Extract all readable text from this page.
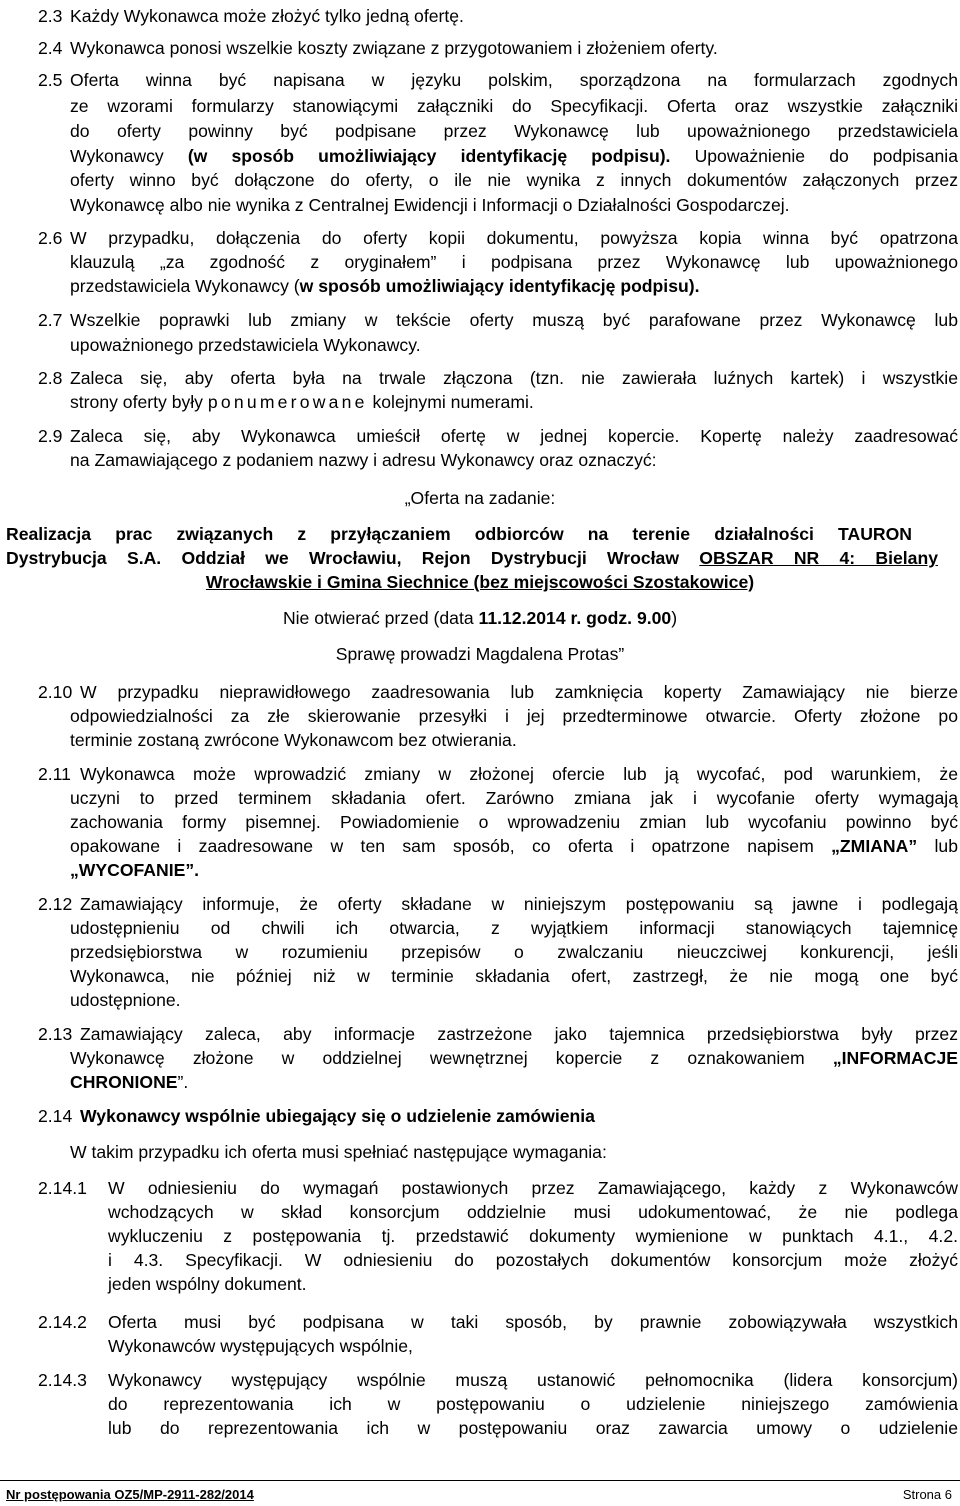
2.3 Każdy Wykonawca może złożyć tylko jedną ofertę.
2.4 Wykonawca ponosi wszelkie koszty związane z przygotowaniem i złożeniem oferty.
2.5 Oferta winna być napisana w języku polskim, sporządzona na formularzach zgodnych
ze wzorami formularzy stanowiącymi załączniki do Specyfikacji. Oferta oraz wszystkie załączniki
do oferty powinny być podpisane przez Wykonawcę lub upoważnionego przedstawiciela
Wykonawcy (w sposób umożliwiający identyfikację podpisu). Upoważnienie do podpisania
oferty winno być dołączone do oferty, o ile nie wynika z innych dokumentów załączonych przez
Wykonawcę albo nie wynika z Centralnej Ewidencji i Informacji o Działalności Gospodarczej.
2.6 W przypadku, dołączenia do oferty kopii dokumentu, powyższa kopia winna być opatrzona
klauzulą „za zgodność z oryginałem” i podpisana przez Wykonawcę lub upoważnionego
przedstawiciela Wykonawcy (w sposób umożliwiający identyfikację podpisu).
2.7 Wszelkie poprawki lub zmiany w tekście oferty muszą być parafowane przez Wykonawcę lub
upoważnionego przedstawiciela Wykonawcy.
2.8 Zaleca się, aby oferta była na trwale złączona (tzn. nie zawierała luźnych kartek) i wszystkie
strony oferty były ponumerowane kolejnymi numerami.
2.9 Zaleca się, aby Wykonawca umieścił ofertę w jednej kopercie. Kopertę należy zaadresować
na Zamawiającego z podaniem nazwy i adresu Wykonawcy oraz oznaczyć:
„Oferta na zadanie:
Realizacja prac związanych z przyłączaniem odbiorców na terenie działalności TAURON
Dystrybucja S.A. Oddział we Wrocławiu, Rejon Dystrybucji Wrocław OBSZAR NR 4: Bielany
Wrocławskie i Gmina Siechnice (bez miejscowości Szostakowice)
Nie otwierać przed (data 11.12.2014 r. godz. 9.00)
Sprawę prowadzi Magdalena Protas”
2.10 W przypadku nieprawidłowego zaadresowania lub zamknięcia koperty Zamawiający nie bierze
odpowiedzialności za złe skierowanie przesyłki i jej przedterminowe otwarcie. Oferty złożone po
terminie zostaną zwrócone Wykonawcom bez otwierania.
2.11 Wykonawca może wprowadzić zmiany w złożonej ofercie lub ją wycofać, pod warunkiem, że
uczyni to przed terminem składania ofert. Zarówno zmiana jak i wycofanie oferty wymagają
zachowania formy pisemnej. Powiadomienie o wprowadzeniu zmian lub wycofaniu powinno być
opakowane i zaadresowane w ten sam sposób, co oferta i opatrzone napisem „ZMIANA” lub
„WYCOFANIE”.
2.12 Zamawiający informuje, że oferty składane w niniejszym postępowaniu są jawne i podlegają
udostępnieniu od chwili ich otwarcia, z wyjątkiem informacji stanowiących tajemnicę
przedsiębiorstwa w rozumieniu przepisów o zwalczaniu nieuczciwej konkurencji, jeśli
Wykonawca, nie później niż w terminie składania ofert, zastrzegł, że nie mogą one być
udostępnione.
2.13 Zamawiający zaleca, aby informacje zastrzeżone jako tajemnica przedsiębiorstwa były przez
Wykonawcę złożone w oddzielnej wewnętrznej kopercie z oznakowaniem „INFORMACJE
CHRONIONE”.
2.14 Wykonawcy wspólnie ubiegający się o udzielenie zamówienia
W takim przypadku ich oferta musi spełniać następujące wymagania:
2.14.1 W odniesieniu do wymagań postawionych przez Zamawiającego, każdy z Wykonawców
wchodzących w skład konsorcjum oddzielnie musi udokumentować, że nie podlega
wykluczeniu z postępowania tj. przedstawić dokumenty wymienione w punktach 4.1., 4.2.
i 4.3. Specyfikacji. W odniesieniu do pozostałych dokumentów konsorcjum może złożyć
jeden wspólny dokument.
2.14.2 Oferta musi być podpisana w taki sposób, by prawnie zobowiązywała wszystkich
Wykonawców występujących wspólnie,
2.14.3 Wykonawcy występujący wspólnie muszą ustanowić pełnomocnika (lidera konsorcjum)
do reprezentowania ich w postępowaniu o udzielenie niniejszego zamówienia
lub do reprezentowania ich w postępowaniu oraz zawarcia umowy o udzielenie
Nr postępowania OZ5/MP-2911-282/2014	Strona 6
